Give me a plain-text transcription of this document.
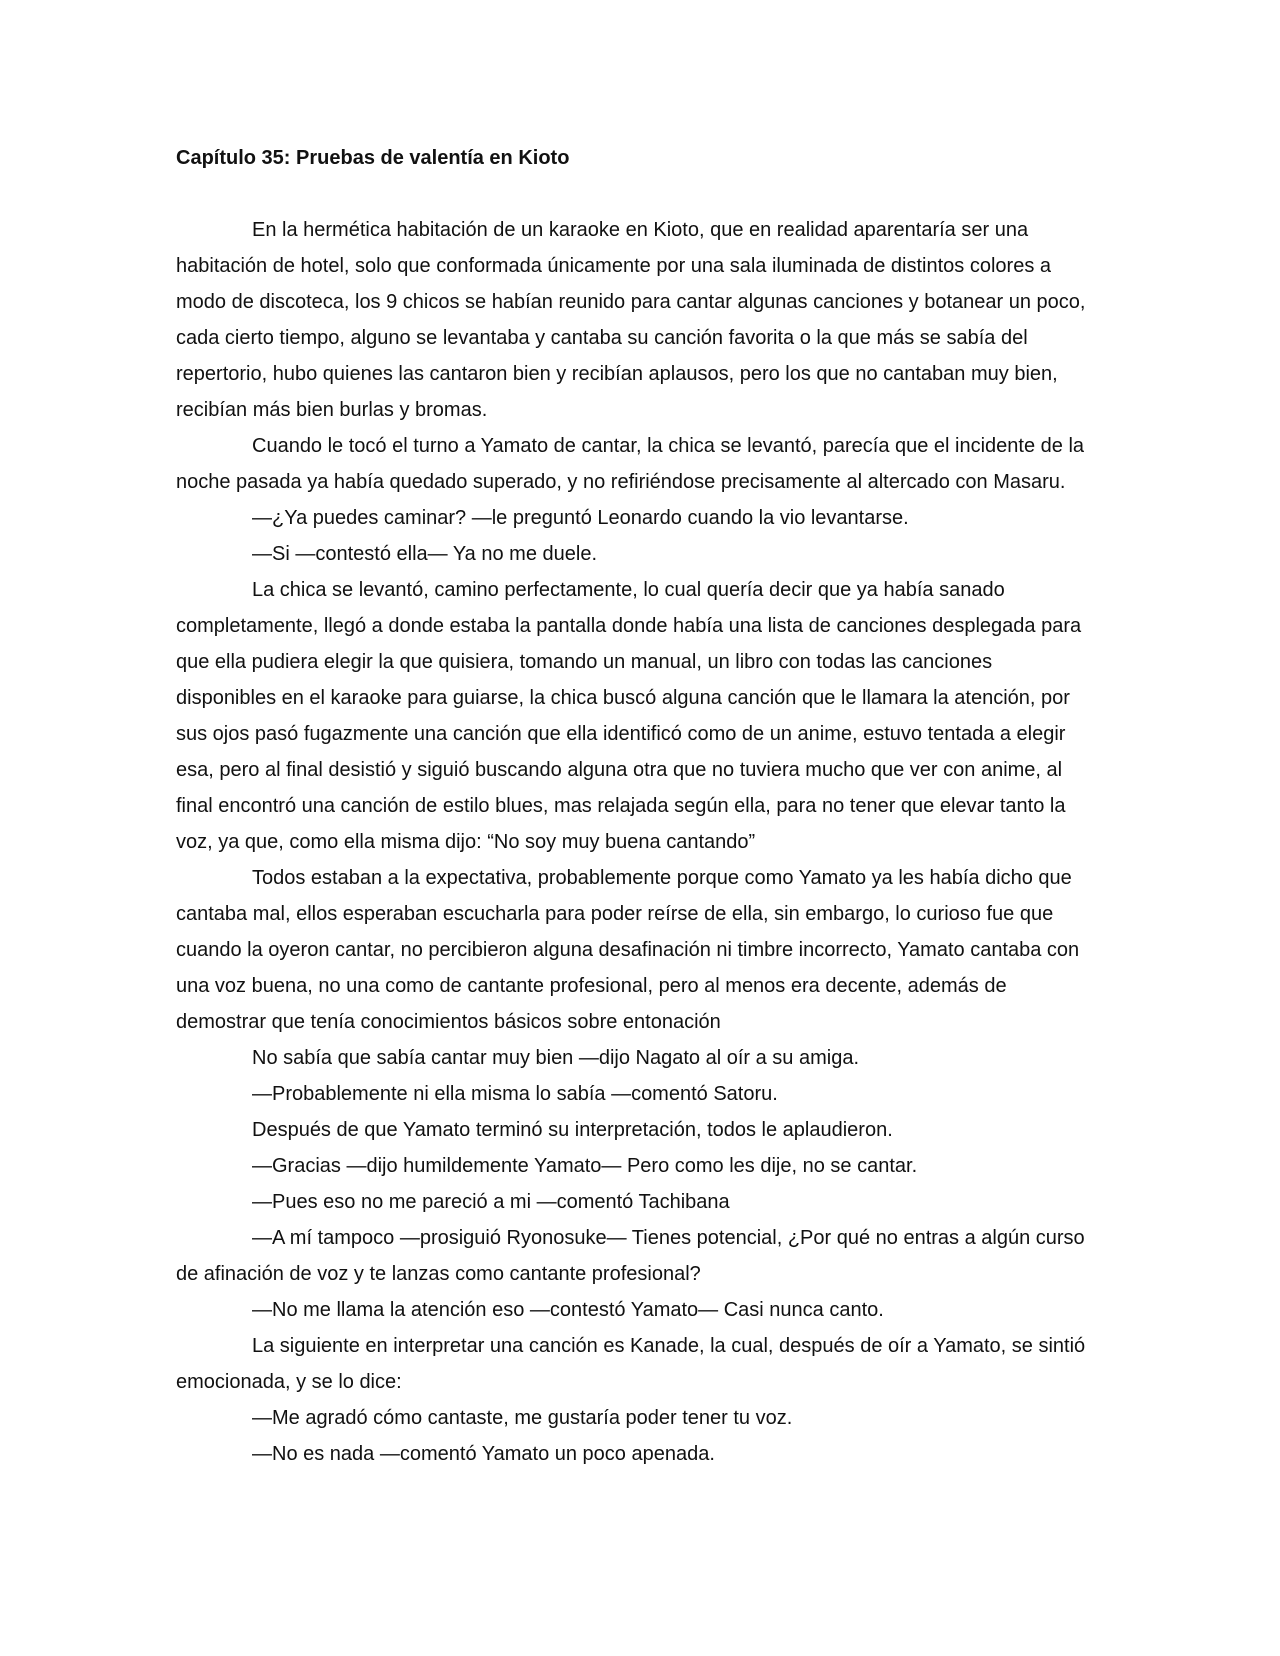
Capítulo 35: Pruebas de valentía en Kioto

En la hermética habitación de un karaoke en Kioto, que en realidad aparentaría ser una habitación de hotel, solo que conformada únicamente por una sala iluminada de distintos colores a modo de discoteca, los 9 chicos se habían reunido para cantar algunas canciones y botanear un poco, cada cierto tiempo, alguno se levantaba y cantaba su canción favorita o la que más se sabía del repertorio, hubo quienes las cantaron bien y recibían aplausos, pero los que no cantaban muy bien, recibían más bien burlas y bromas.

Cuando le tocó el turno a Yamato de cantar, la chica se levantó, parecía que el incidente de la noche pasada ya había quedado superado, y no refiriéndose precisamente al altercado con Masaru.

—¿Ya puedes caminar? —le preguntó Leonardo cuando la vio levantarse.

—Si —contestó ella— Ya no me duele.

La chica se levantó, camino perfectamente, lo cual quería decir que ya había sanado completamente, llegó a donde estaba la pantalla donde había una lista de canciones desplegada para que ella pudiera elegir la que quisiera, tomando un manual, un libro con todas las canciones disponibles en el karaoke para guiarse, la chica buscó alguna canción que le llamara la atención, por sus ojos pasó fugazmente una canción que ella identificó como de un anime, estuvo tentada a elegir esa, pero al final desistió y siguió buscando alguna otra que no tuviera mucho que ver con anime, al final encontró una canción de estilo blues, mas relajada según ella, para no tener que elevar tanto la voz, ya que, como ella misma dijo: “No soy muy buena cantando”

Todos estaban a la expectativa, probablemente porque como Yamato ya les había dicho que cantaba mal, ellos esperaban escucharla para poder reírse de ella, sin embargo, lo curioso fue que cuando la oyeron cantar, no percibieron alguna desafinación ni timbre incorrecto, Yamato cantaba con una voz buena, no una como de cantante profesional, pero al menos era decente, además de demostrar que tenía conocimientos básicos sobre entonación

No sabía que sabía cantar muy bien —dijo Nagato al oír a su amiga.

—Probablemente ni ella misma lo sabía —comentó Satoru.

Después de que Yamato terminó su interpretación, todos le aplaudieron.

—Gracias —dijo humildemente Yamato— Pero como les dije, no se cantar.

—Pues eso no me pareció a mi —comentó Tachibana

—A mí tampoco —prosiguió Ryonosuke— Tienes potencial, ¿Por qué no entras a algún curso de afinación de voz y te lanzas como cantante profesional?

—No me llama la atención eso —contestó Yamato— Casi nunca canto.

La siguiente en interpretar una canción es Kanade, la cual, después de oír a Yamato, se sintió emocionada, y se lo dice:

—Me agradó cómo cantaste, me gustaría poder tener tu voz.

—No es nada —comentó Yamato un poco apenada.
